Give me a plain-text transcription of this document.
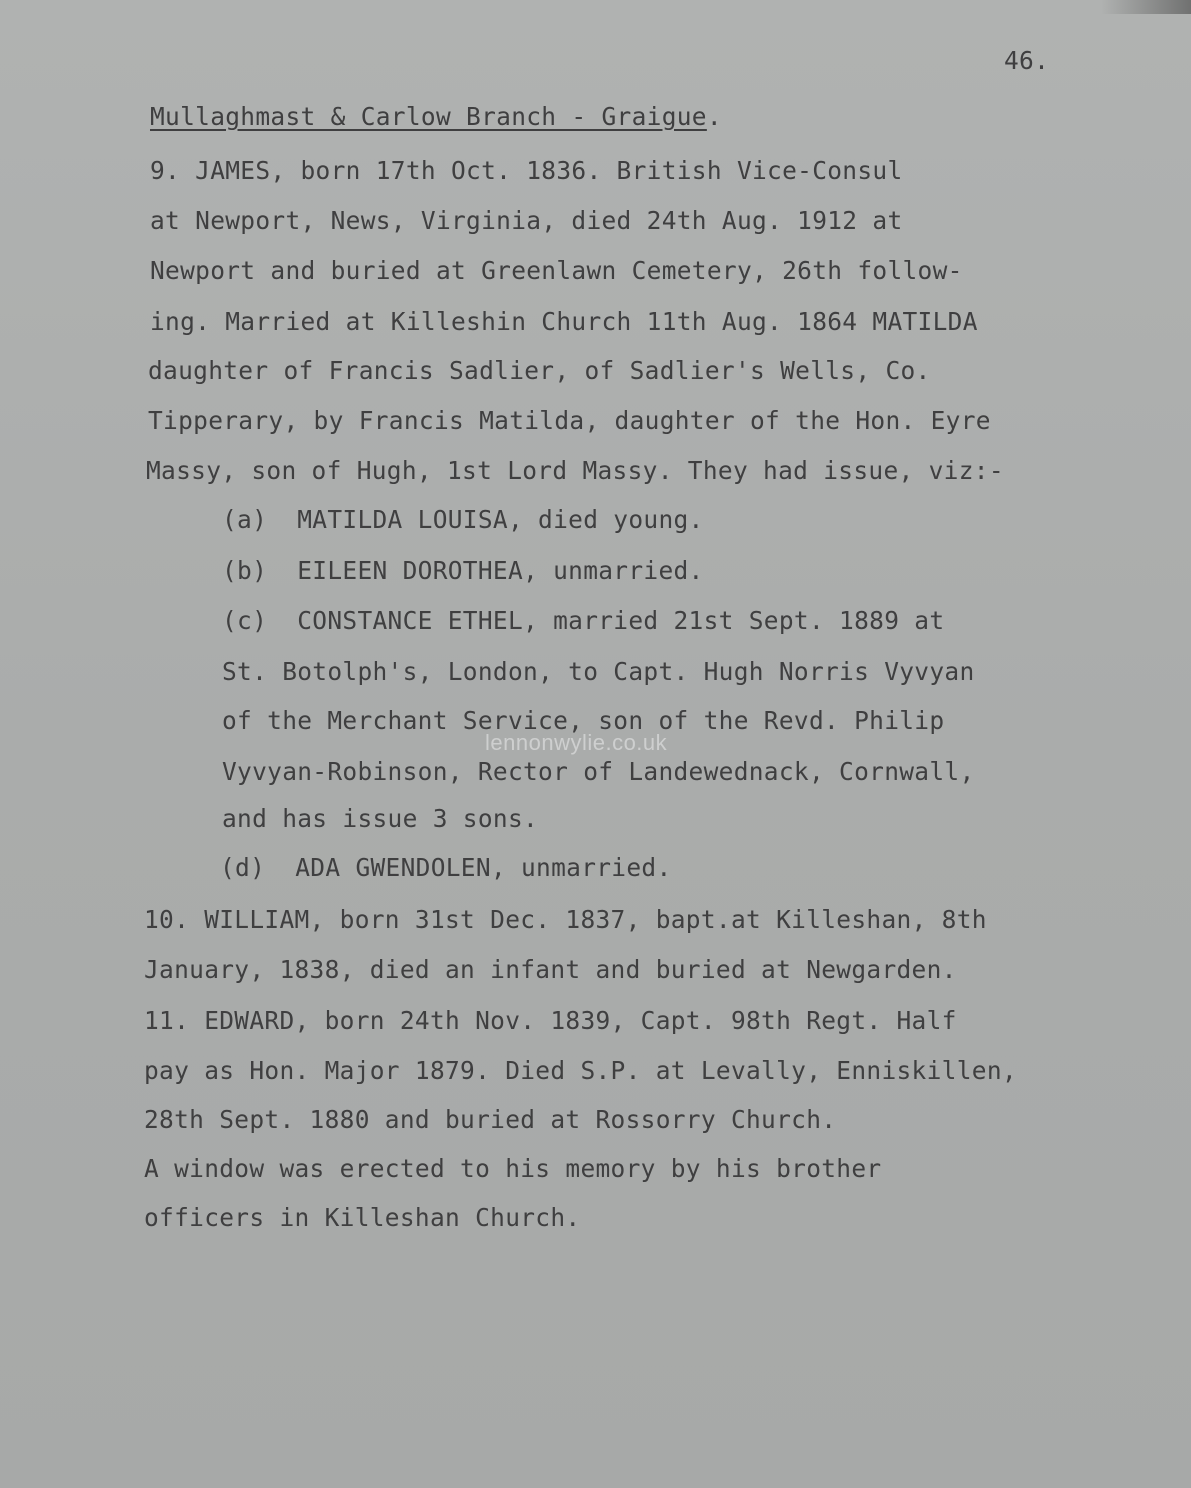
46.

Mullaghmast & Carlow Branch - Graigue.

9. JAMES, born 17th Oct. 1836. British Vice-Consul

at Newport, News, Virginia, died 24th Aug. 1912 at

Newport and buried at Greenlawn Cemetery, 26th follow-

ing. Married at Killeshin Church 11th Aug. 1864 MATILDA

daughter of Francis Sadlier, of Sadlier's Wells, Co.

Tipperary, by Francis Matilda, daughter of the Hon. Eyre

Massy, son of Hugh, 1st Lord Massy. They had issue, viz:-

(a)  MATILDA LOUISA, died young.

(b)  EILEEN DOROTHEA, unmarried.

(c)  CONSTANCE ETHEL, married 21st Sept. 1889 at

St. Botolph's, London, to Capt. Hugh Norris Vyvyan

of the Merchant Service, son of the Revd. Philip

Vyvyan-Robinson, Rector of Landewednack, Cornwall,

and has issue 3 sons.

(d)  ADA GWENDOLEN, unmarried.

10. WILLIAM, born 31st Dec. 1837, bapt.at Killeshan, 8th

January, 1838, died an infant and buried at Newgarden.

11. EDWARD, born 24th Nov. 1839, Capt. 98th Regt. Half

pay as Hon. Major 1879. Died S.P. at Levally, Enniskillen,

28th Sept. 1880 and buried at Rossorry Church.

A window was erected to his memory by his brother

officers in Killeshan Church.

lennonwylie.co.uk
